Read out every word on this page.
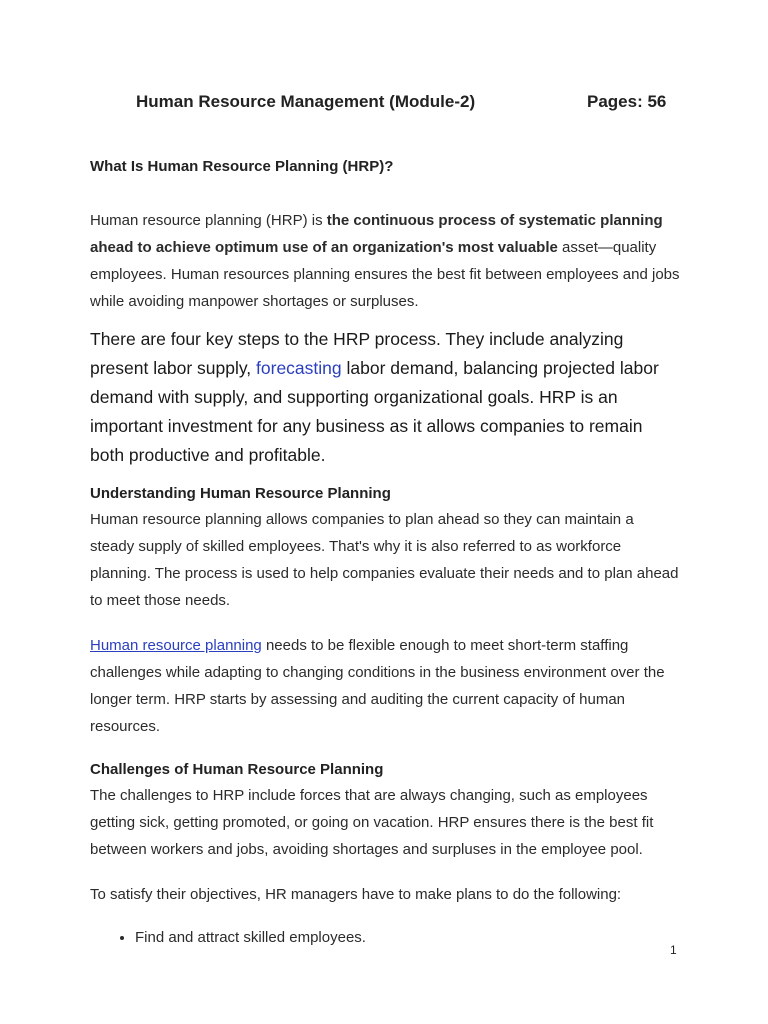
Human Resource Management (Module-2)	Pages: 56
What Is Human Resource Planning (HRP)?

Human resource planning (HRP) is the continuous process of systematic planning ahead to achieve optimum use of an organization's most valuable asset—quality employees. Human resources planning ensures the best fit between employees and jobs while avoiding manpower shortages or surpluses.

There are four key steps to the HRP process. They include analyzing present labor supply, forecasting labor demand, balancing projected labor demand with supply, and supporting organizational goals. HRP is an important investment for any business as it allows companies to remain both productive and profitable.

Understanding Human Resource Planning

Human resource planning allows companies to plan ahead so they can maintain a steady supply of skilled employees. That's why it is also referred to as workforce planning. The process is used to help companies evaluate their needs and to plan ahead to meet those needs.

Human resource planning needs to be flexible enough to meet short-term staffing challenges while adapting to changing conditions in the business environment over the longer term. HRP starts by assessing and auditing the current capacity of human resources.

Challenges of Human Resource Planning

The challenges to HRP include forces that are always changing, such as employees getting sick, getting promoted, or going on vacation. HRP ensures there is the best fit between workers and jobs, avoiding shortages and surpluses in the employee pool.

To satisfy their objectives, HR managers have to make plans to do the following:

• Find and attract skilled employees.
1
